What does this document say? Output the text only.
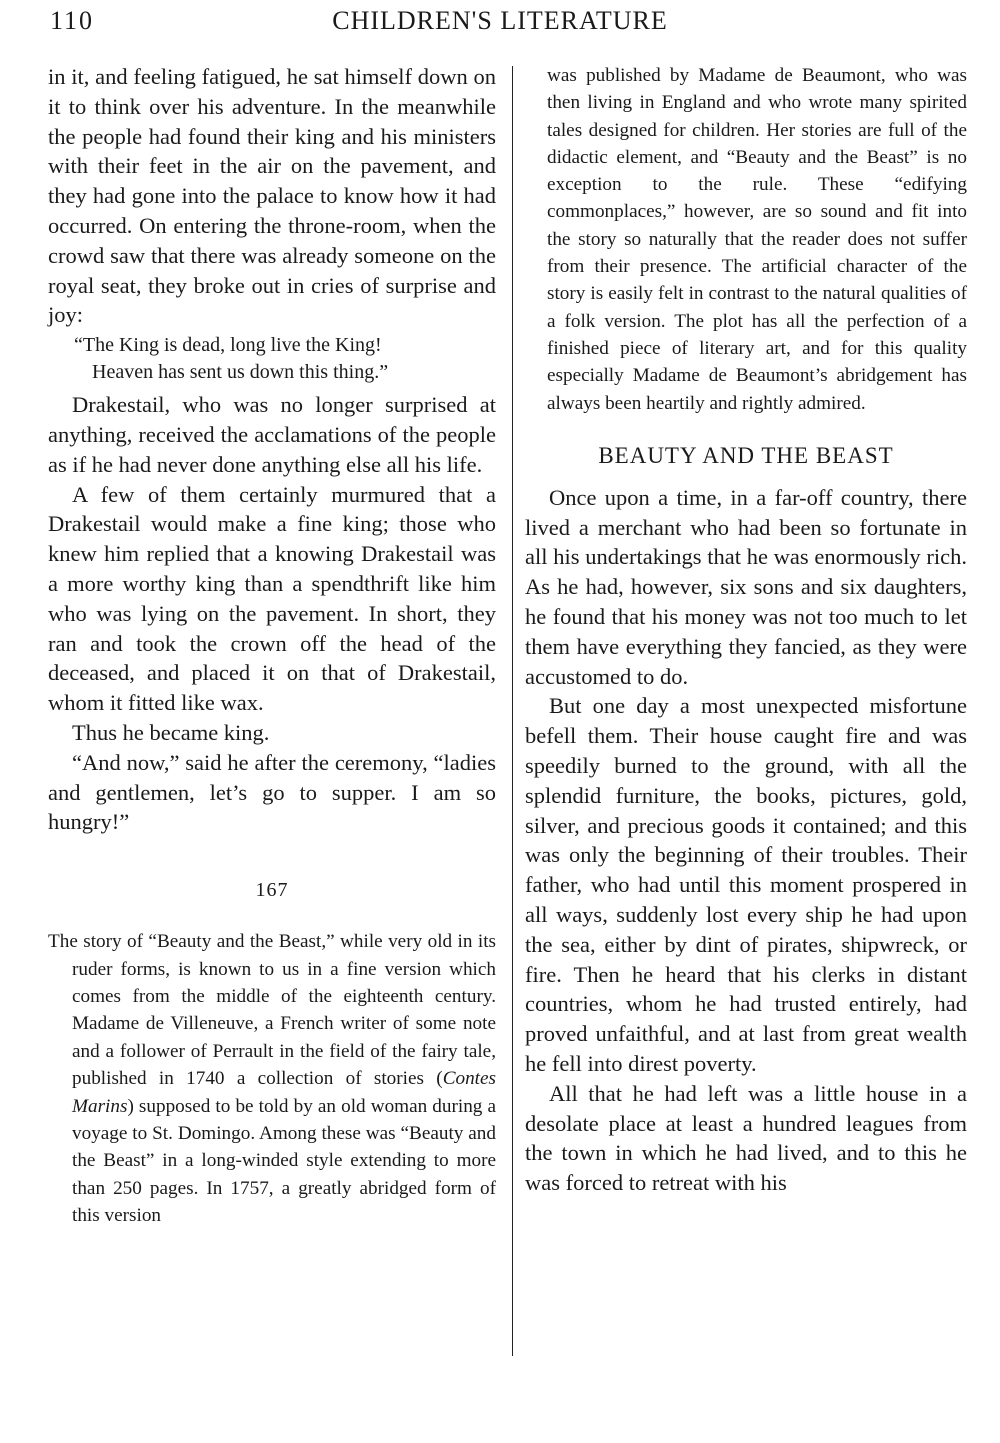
110	CHILDREN'S LITERATURE

in it, and feeling fatigued, he sat himself down on it to think over his adventure. In the meanwhile the people had found their king and his ministers with their feet in the air on the pavement, and they had gone into the palace to know how it had occurred. On entering the throne-room, when the crowd saw that there was already someone on the royal seat, they broke out in cries of surprise and joy:

“The King is dead, long live the King!
Heaven has sent us down this thing.”

Drakestail, who was no longer surprised at anything, received the acclamations of the people as if he had never done anything else all his life.

A few of them certainly murmured that a Drakestail would make a fine king; those who knew him replied that a knowing Drakestail was a more worthy king than a spendthrift like him who was lying on the pavement. In short, they ran and took the crown off the head of the deceased, and placed it on that of Drakestail, whom it fitted like wax.

Thus he became king.

“And now,” said he after the ceremony, “ladies and gentlemen, let’s go to supper. I am so hungry!”

167

The story of “Beauty and the Beast,” while very old in its ruder forms, is known to us in a fine version which comes from the middle of the eighteenth century. Madame de Villeneuve, a French writer of some note and a follower of Perrault in the field of the fairy tale, published in 1740 a collection of stories (Contes Marins) supposed to be told by an old woman during a voyage to St. Domingo. Among these was “Beauty and the Beast” in a long-winded style extending to more than 250 pages. In 1757, a greatly abridged form of this version

was published by Madame de Beaumont, who was then living in England and who wrote many spirited tales designed for children. Her stories are full of the didactic element, and “Beauty and the Beast” is no exception to the rule. These “edifying commonplaces,” however, are so sound and fit into the story so naturally that the reader does not suffer from their presence. The artificial character of the story is easily felt in contrast to the natural qualities of a folk version. The plot has all the perfection of a finished piece of literary art, and for this quality especially Madame de Beaumont’s abridgement has always been heartily and rightly admired.

BEAUTY AND THE BEAST

Once upon a time, in a far-off country, there lived a merchant who had been so fortunate in all his undertakings that he was enormously rich. As he had, however, six sons and six daughters, he found that his money was not too much to let them have everything they fancied, as they were accustomed to do.

But one day a most unexpected misfortune befell them. Their house caught fire and was speedily burned to the ground, with all the splendid furniture, the books, pictures, gold, silver, and precious goods it contained; and this was only the beginning of their troubles. Their father, who had until this moment prospered in all ways, suddenly lost every ship he had upon the sea, either by dint of pirates, shipwreck, or fire. Then he heard that his clerks in distant countries, whom he had trusted entirely, had proved unfaithful, and at last from great wealth he fell into direst poverty.

All that he had left was a little house in a desolate place at least a hundred leagues from the town in which he had lived, and to this he was forced to retreat with his
